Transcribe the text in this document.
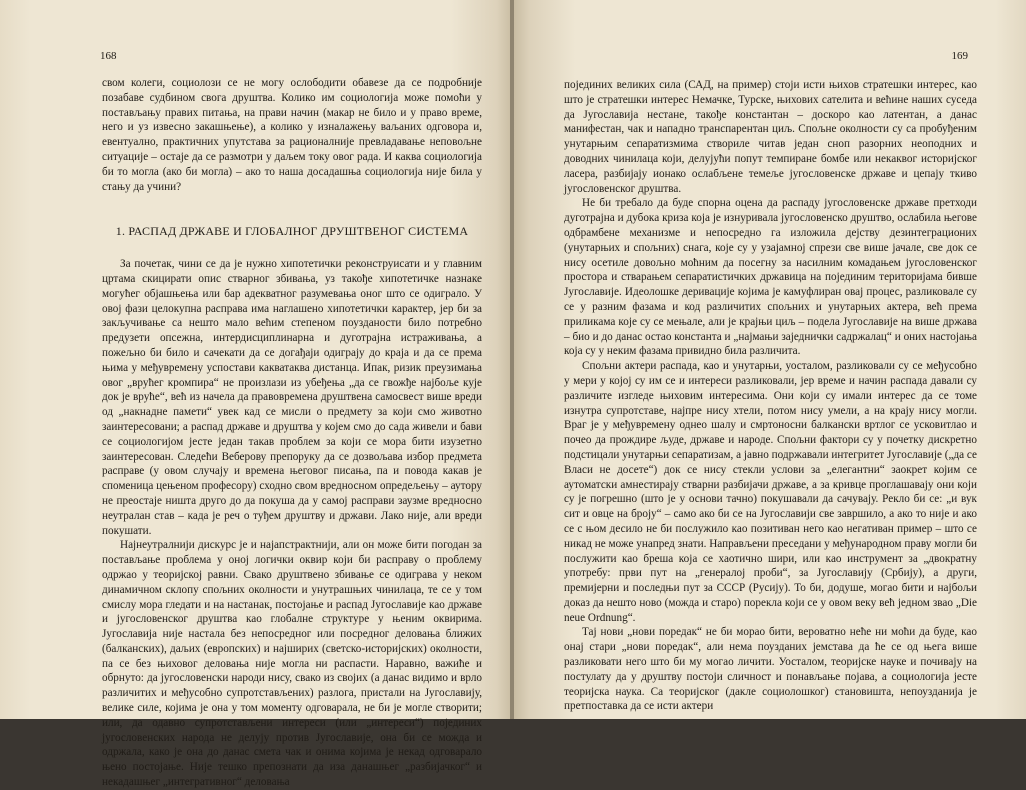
168

свом колеги, социолози се не могу ослободити обавезе да се подробније позабаве судбином свога друштва. Колико им социологија може помоћи у постављању правих питања, на прави начин (макар не било и у право време, него и уз извесно закашњење), а колико у изналажењу ваљаних одговора и, евентуално, практичних упутстава за рационалније превладавање неповољне ситуације – остаје да се размотри у даљем току овог рада. И каква социологија би то могла (ако би могла) – ако то наша досадашња социологија није била у стању да учини?

1. РАСПАД ДРЖАВЕ И ГЛОБАЛНОГ ДРУШТВЕНОГ СИСТЕМА

За почетак, чини се да је нужно хипотетички реконструисати и у главним цртама скицирати опис стварног збивања, уз такође хипотетичке назнаке могућег објашњења или бар адекватног разумевања оног што се одиграло. У овој фази целокупна расправа има наглашено хипотетички карактер, јер би за закључивање са нешто мало већим степеном поузданости било потребно предузети опсежна, интердисциплинарна и дуготрајна истраживања, а пожељно би било и сачекати да се догађаји одиграју до краја и да се према њима у међувремену успостави какватаква дистанца. Ипак, ризик преузимања овог „врућег кромпира“ не произлази из убеђења „да се гвожђе најбоље кује док је вруће“, већ из начела да правовремена друштвена самосвест више вреди од „накнадне памети“ увек кад се мисли о предмету за који смо животно заинтересовани; а распад државе и друштва у којем смо до сада живели и бави се социологијом јесте један такав проблем за који се мора бити изузетно заинтересован. Следећи Веберову препоруку да се дозвољава избор предмета расправе (у овом случају и времена његовог писања, па и повода какав је споменица цењеном професору) сходно свом вредносном опредељењу – аутору не преостаје ништа друго до да покуша да у самој расправи заузме вредносно неутралан став – када је реч о туђем друштву и држави. Лако није, али вреди покушати.

Најнеутралнији дискурс је и најапстрактнији, али он може бити погодан за постављање проблема у оној логички оквир који би расправу о проблему одржао у теоријској равни. Свако друштвено збивање се одиграва у неком динамичном склопу спољних околности и унутрашњих чинилаца, те се у том смислу мора гледати и на настанак, постојање и распад Југославије као државе и југословенског друштва као глобалне структуре у њеним оквирима. Југославија није настала без непосредног или посредног деловања ближих (балканских), даљих (европских) и најширих (светско-историјских) околности, па се без њиховог деловања није могла ни распасти. Наравно, важиће и обрнуто: да југословенски народи нису, свако из својих (а данас видимо и врло различитих и међусобно супротстављених) разлога, пристали на Југославију, велике силе, којима је она у том моменту одговарала, не би је могле створити; или, да одавно супротстављени интереси (или „интереси“) појединих југословенских народа не делују против Југославије, она би се можда и одржала, како је она до данас смета чак и онима којима је некад одговарало њено постојање. Није тешко препознати да иза данашњег „разбијачког“ и некадашњег „интегративног“ деловања

169

појединих великих сила (САД, на пример) стоји исти њихов стратешки интерес, као што је стратешки интерес Немачке, Турске, њихових сателита и већине наших суседа да Југославија нестане, такође константан – доскоро као латентан, а данас манифестан, чак и нападно транспарентан циљ. Спољне околности су са пробуђеним унутарњим сепаратизмима створиле читав један сноп разорних неоподних и доводних чинилаца који, делујући попут темпиране бомбе или некаквог историјског ласера, разбијају ионако ослабљене темеље југословенске државе и цепају ткиво југословенског друштва.

Не би требало да буде спорна оцена да распаду југословенске државе претходи дуготрајна и дубока криза која је изнуривала југословенско друштво, ослабила његове одбрамбене механизме и непосредно га изложила дејству дезинтеграционих (унутарњих и спољних) снага, које су у узајамној спрези све више јачале, све док се нису осетиле довољно моћним да посегну за насилним комадањем југословенског простора и стварањем сепаратистичких државица на појединим територијама бивше Југославије. Идеолошке деривације којима је камуфлиран овај процес, разликовале су се у разним фазама и код различитих спољних и унутарњих актера, већ према приликама које су се мењале, али је крајњи циљ – подела Југославије на више држава – био и до данас остао константа и „најмањи заједнички садржалац“ и оних настојања која су у неким фазама привидно била различита.

Спољни актери распада, као и унутарњи, уосталом, разликовали су се међусобно у мери у којој су им се и интереси разликовали, јер време и начин распада давали су различите изгледе њиховим интересима. Они који су имали интерес да се томе изнутра супротставе, најпре нису хтели, потом нису умели, а на крају нису могли. Враг је у међувремену однео шалу и смртоносни балкански вртлог се усковитлао и почео да прождире људе, државе и народе. Спољни фактори су у почетку дискретно подстицали унутарњи сепаратизам, а јавно подржавали интегритет Југославије („да се Власи не досете“) док се нису стекли услови за „елегантни“ заокрет којим се аутоматски амнестирају стварни разбијачи државе, а за кривце проглашавају они који су је погрешно (што је у основи тачно) покушавали да сачувају. Рекло би се: „и вук сит и овце на броју“ – само ако би се на Југославији све завршило, а ако то није и ако се с њом десило не би послужило као позитиван него као негативан пример – што се никад не може унапред знати. Направљени преседани у међународном праву могли би послужити као бреша која се хаотично шири, или као инструмент за „двократну употребу: први пут на „генералој проби“, за Југославију (Србију), а други, премијерни и последњи пут за СССР (Русију). То би, додуше, могао бити и најбољи доказ да нешто ново (можда и старо) порекла који се у овом веку већ једном звао „Die neue Ordnung“.

Тај нови „нови поредак“ не би морао бити, вероватно неће ни моћи да буде, као онај стари „нови поредак“, али нема поузданих јемстава да ће се од њега више разликовати него што би му могао личити. Уосталом, теоријске науке и почивају на постулату да у друштву постоји сличност и понављање појава, а социологија јесте теоријска наука. Са теоријског (дакле социолошког) становишта, непоузданија је претпоставка да се исти актери
